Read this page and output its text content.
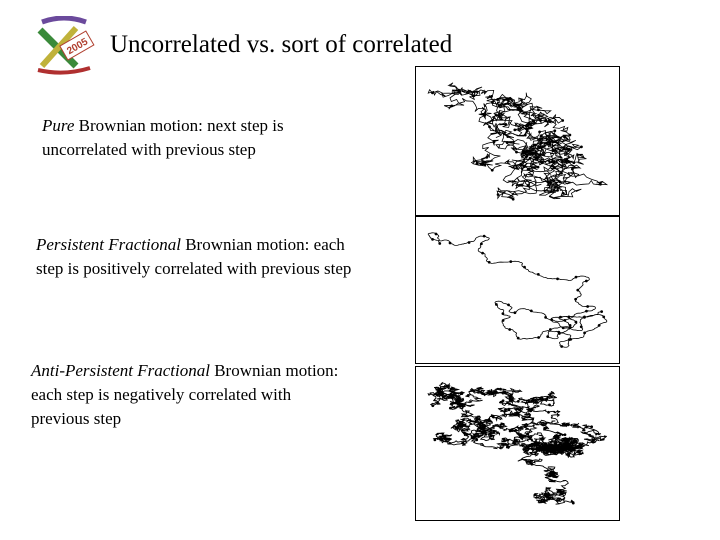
2005 Uncorrelated vs. sort of correlated
Pure Brownian motion: next step is uncorrelated with previous step
Persistent Fractional Brownian motion: each step is positively correlated with previous step
Anti-Persistent Fractional Brownian motion: each step is negatively correlated with previous step
